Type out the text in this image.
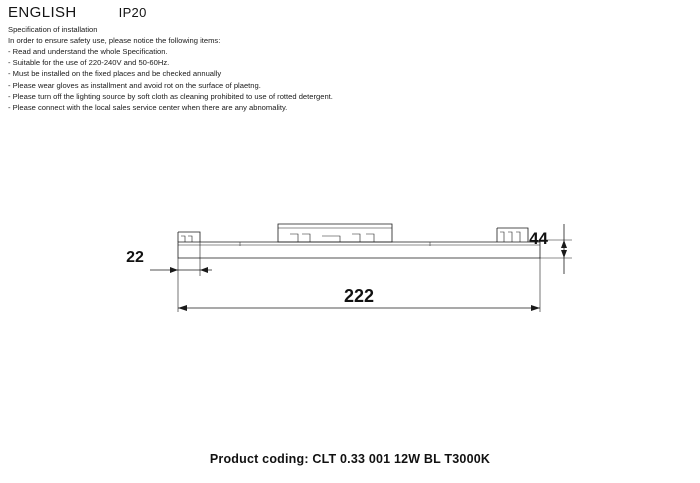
ENGLISH	IP20
Specification of installation
In order to ensure safety use, please notice the following items:
- Read and understand the whole Specification.
- Suitable for the use of 220-240V and 50-60Hz.
- Must be installed on the fixed places and be checked annually
- Please wear gloves as installment and avoid rot on the surface of plaetng.
- Please turn off the lighting source by soft cloth as cleaning prohibited to use of rotted detergent.
- Please connect with the local sales service center when there are any abnomality.
22
44
222
Product coding: CLT 0.33 001 12W BL T3000K
